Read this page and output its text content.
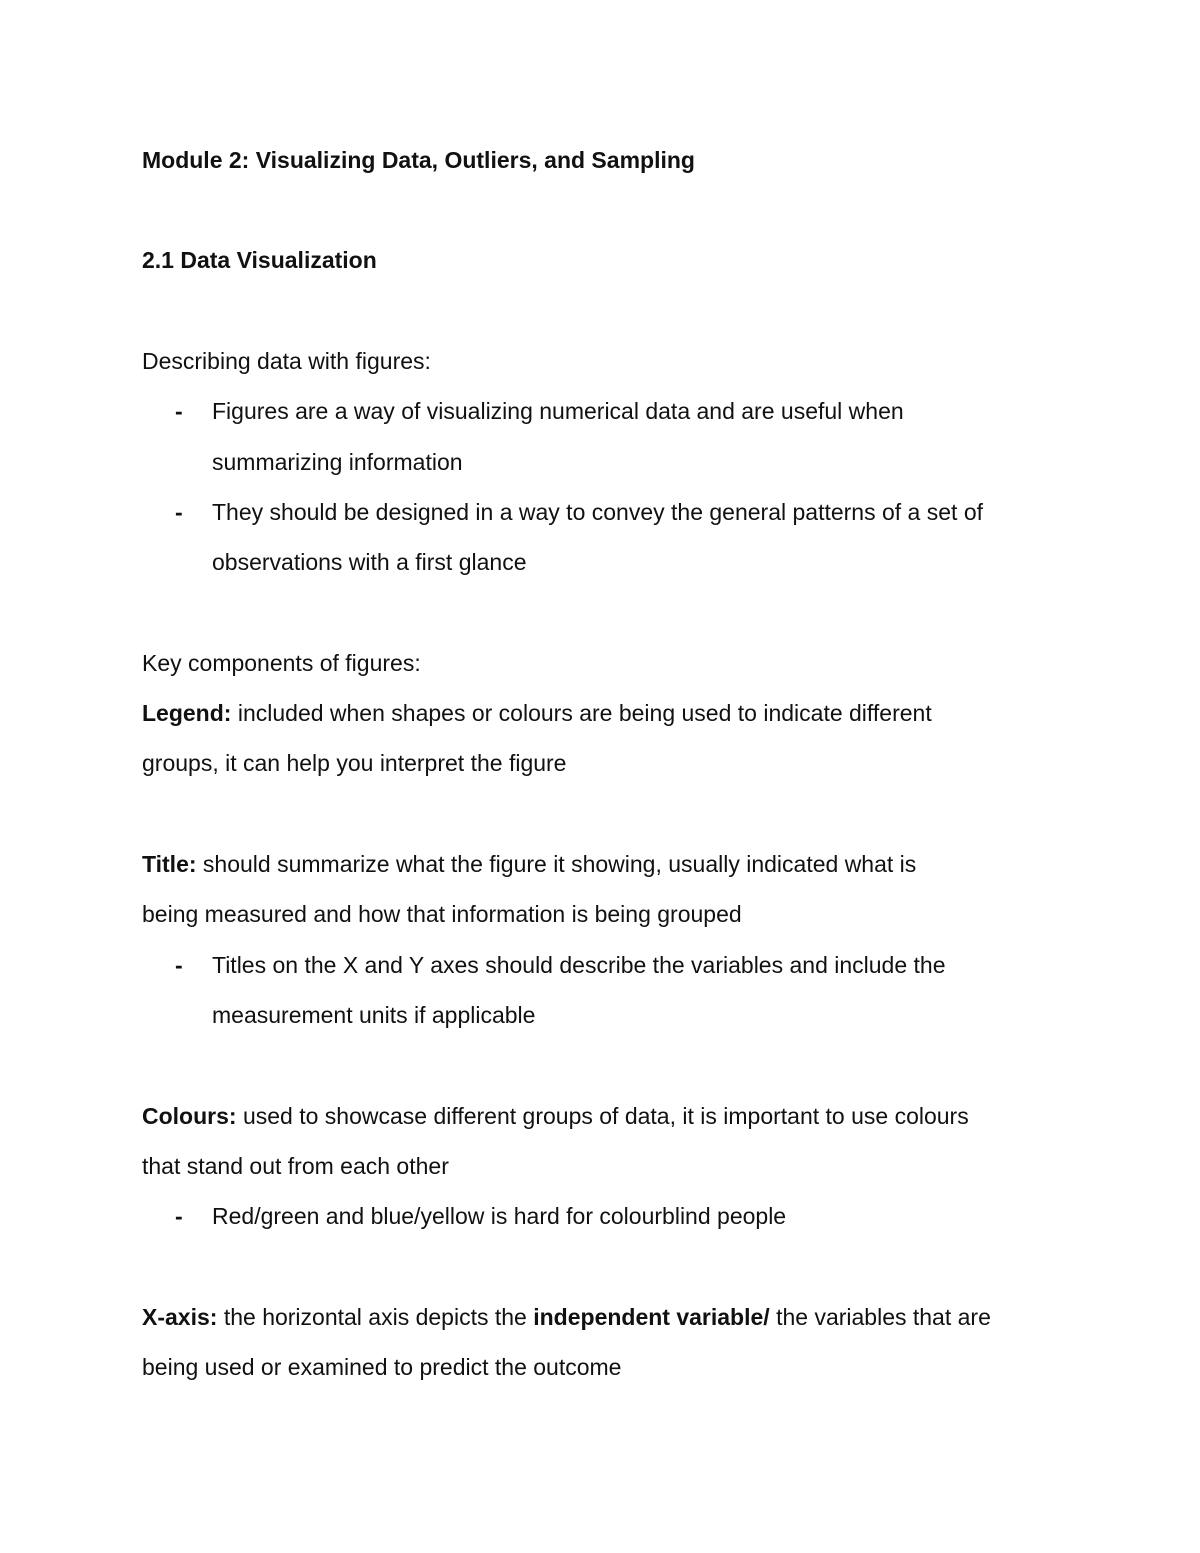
Module 2: Visualizing Data, Outliers, and Sampling
2.1 Data Visualization
Describing data with figures:
- Figures are a way of visualizing numerical data and are useful when
summarizing information
- They should be designed in a way to convey the general patterns of a set of
observations with a first glance
Key components of figures:
Legend: included when shapes or colours are being used to indicate different
groups, it can help you interpret the figure
Title: should summarize what the figure it showing, usually indicated what is
being measured and how that information is being grouped
- Titles on the X and Y axes should describe the variables and include the
measurement units if applicable
Colours: used to showcase different groups of data, it is important to use colours
that stand out from each other
- Red/green and blue/yellow is hard for colourblind people
X-axis: the horizontal axis depicts the independent variable/ the variables that are
being used or examined to predict the outcome
